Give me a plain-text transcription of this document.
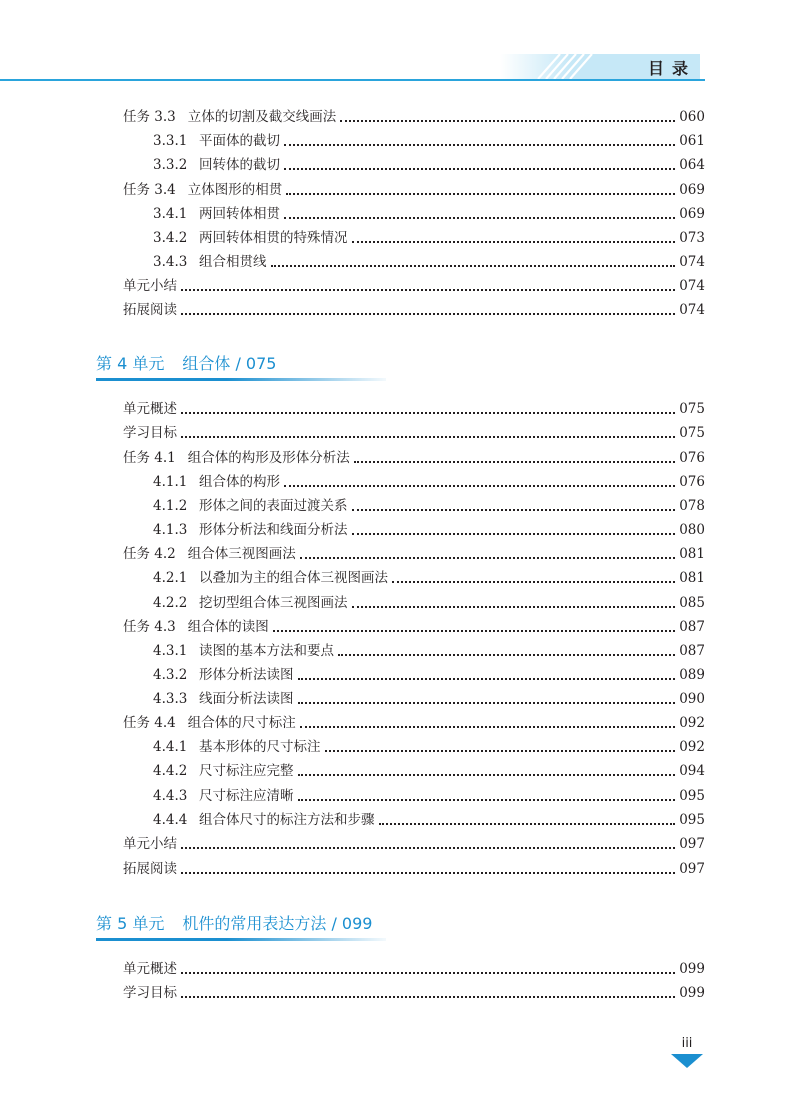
目录
任务 3.3 立体的切割及截交线画法	060
3.3.1 平面体的截切	061
3.3.2 回转体的截切	064
任务 3.4 立体图形的相贯	069
3.4.1 两回转体相贯	069
3.4.2 两回转体相贯的特殊情况	073
3.4.3 组合相贯线	074
单元小结	074
拓展阅读	074
第 4 单元 组合体 / 075
单元概述	075
学习目标	075
任务 4.1 组合体的构形及形体分析法	076
4.1.1 组合体的构形	076
4.1.2 形体之间的表面过渡关系	078
4.1.3 形体分析法和线面分析法	080
任务 4.2 组合体三视图画法	081
4.2.1 以叠加为主的组合体三视图画法	081
4.2.2 挖切型组合体三视图画法	085
任务 4.3 组合体的读图	087
4.3.1 读图的基本方法和要点	087
4.3.2 形体分析法读图	089
4.3.3 线面分析法读图	090
任务 4.4 组合体的尺寸标注	092
4.4.1 基本形体的尺寸标注	092
4.4.2 尺寸标注应完整	094
4.4.3 尺寸标注应清晰	095
4.4.4 组合体尺寸的标注方法和步骤	095
单元小结	097
拓展阅读	097
第 5 单元 机件的常用表达方法 / 099
单元概述	099
学习目标	099
iii
